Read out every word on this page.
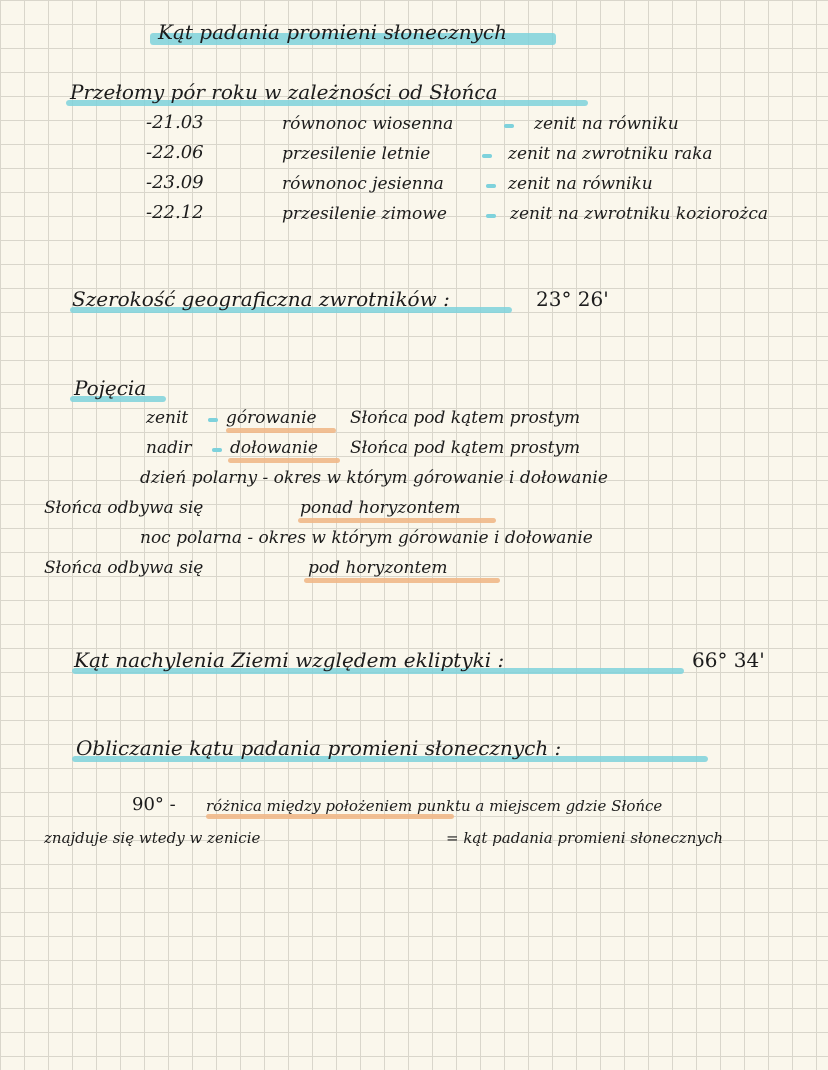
Kąt padania promieni słonecznych
Przełomy pór roku w zależności od Słońca
-21.03	równonoc wiosenna	zenit na równiku
-22.06	przesilenie letnie	zenit na zwrotniku raka
-23.09	równonoc jesienna	zenit na równiku
-22.12	przesilenie zimowe	zenit na zwrotniku koziorożca
Szerokość geograficzna zwrotników :	23° 26'
Pojęcia
zenit górowanie Słońca pod kątem prostym
nadir dołowanie Słońca pod kątem prostym
dzień polarny - okres w którym górowanie i dołowanie
Słońca odbywa się	ponad horyzontem
noc polarna - okres w którym górowanie i dołowanie
Słońca odbywa się	pod horyzontem
Kąt nachylenia Ziemi względem ekliptyki :	66° 34'
Obliczanie kątu padania promieni słonecznych :
90° - różnica między położeniem punktu a miejscem gdzie Słońce
znajduje się wtedy w zenicie	= kąt padania promieni słonecznych
